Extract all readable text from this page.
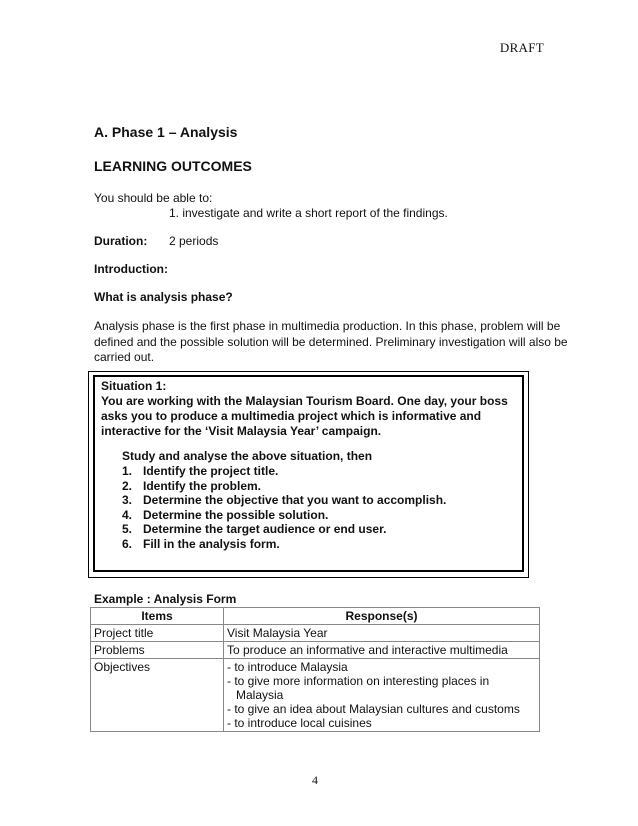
DRAFT
A. Phase 1 – Analysis
LEARNING OUTCOMES
You should be able to:
1. investigate and write a short report of the findings.
Duration: 2 periods
Introduction:
What is analysis phase?
Analysis phase is the first phase in multimedia production. In this phase, problem will be defined and the possible solution will be determined. Preliminary investigation will also be carried out.
Situation 1:
You are working with the Malaysian Tourism Board. One day, your boss asks you to produce a multimedia project which is informative and interactive for the ‘Visit Malaysia Year’ campaign.
Study and analyse the above situation, then
1. Identify the project title.
2. Identify the problem.
3. Determine the objective that you want to accomplish.
4. Determine the possible solution.
5. Determine the target audience or end user.
6. Fill in the analysis form.
Example : Analysis Form
Items	Response(s)
Project title	Visit Malaysia Year
Problems	To produce an informative and interactive multimedia
Objectives	- to introduce Malaysia
- to give more information on interesting places in Malaysia
- to give an idea about Malaysian cultures and customs
- to introduce local cuisines
4
